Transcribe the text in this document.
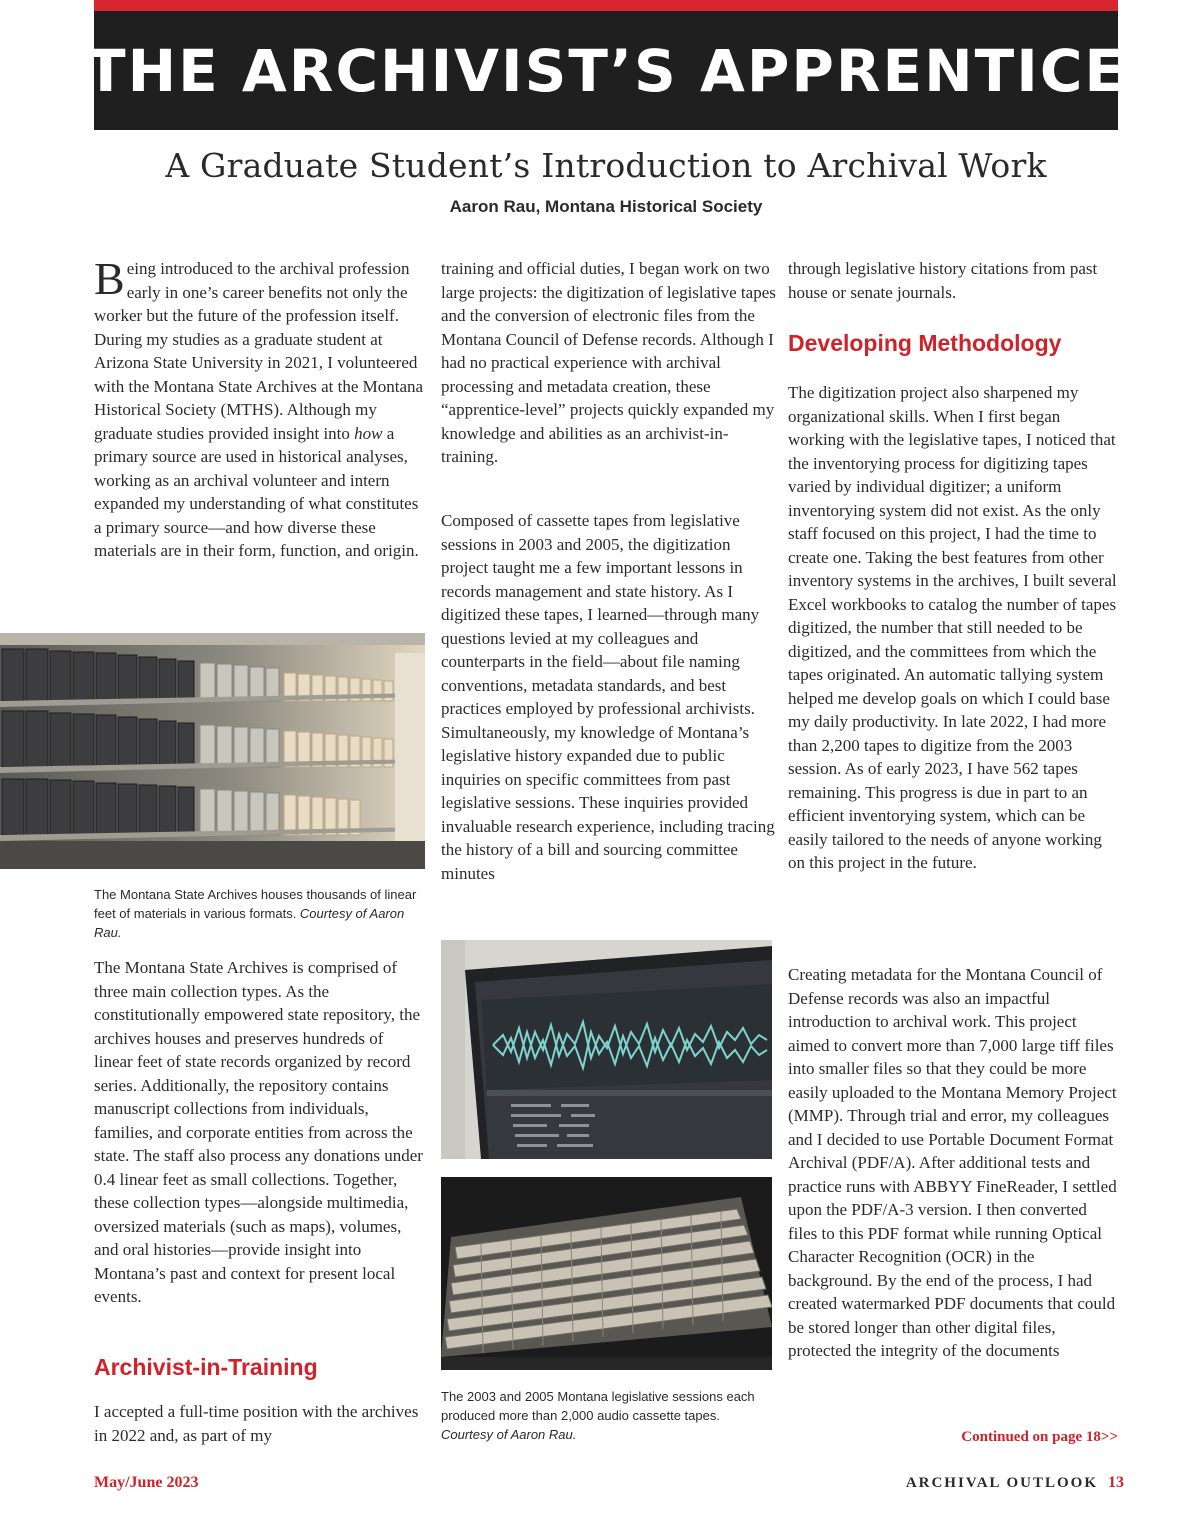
THE ARCHIVIST’S APPRENTICE
A Graduate Student’s Introduction to Archival Work
Aaron Rau, Montana Historical Society

Being introduced to the archival profession early in one’s career benefits not only the worker but the future of the profession itself. During my studies as a graduate student at Arizona State University in 2021, I volunteered with the Montana State Archives at the Montana Historical Society (MTHS). Although my graduate studies provided insight into how a primary source are used in historical analyses, working as an archival volunteer and intern expanded my understanding of what constitutes a primary source—and how diverse these materials are in their form, function, and origin.

The Montana State Archives houses thousands of linear feet of materials in various formats. Courtesy of Aaron Rau.

The Montana State Archives is comprised of three main collection types. As the constitutionally empowered state repository, the archives houses and preserves hundreds of linear feet of state records organized by record series. Additionally, the repository contains manuscript collections from individuals, families, and corporate entities from across the state. The staff also process any donations under 0.4 linear feet as small collections. Together, these collection types—alongside multimedia, oversized materials (such as maps), volumes, and oral histories—provide insight into Montana’s past and context for present local events.

Archivist-in-Training

I accepted a full-time position with the archives in 2022 and, as part of my

training and official duties, I began work on two large projects: the digitization of legislative tapes and the conversion of electronic files from the Montana Council of Defense records. Although I had no practical experience with archival processing and metadata creation, these “apprentice-level” projects quickly expanded my knowledge and abilities as an archivist-in-training.

Composed of cassette tapes from legislative sessions in 2003 and 2005, the digitization project taught me a few important lessons in records management and state history. As I digitized these tapes, I learned—through many questions levied at my colleagues and counterparts in the field—about file naming conventions, metadata standards, and best practices employed by professional archivists. Simultaneously, my knowledge of Montana’s legislative history expanded due to public inquiries on specific committees from past legislative sessions. These inquiries provided invaluable research experience, including tracing the history of a bill and sourcing committee minutes

The 2003 and 2005 Montana legislative sessions each produced more than 2,000 audio cassette tapes. Courtesy of Aaron Rau.

through legislative history citations from past house or senate journals.

Developing Methodology

The digitization project also sharpened my organizational skills. When I first began working with the legislative tapes, I noticed that the inventorying process for digitizing tapes varied by individual digitizer; a uniform inventorying system did not exist. As the only staff focused on this project, I had the time to create one. Taking the best features from other inventory systems in the archives, I built several Excel workbooks to catalog the number of tapes digitized, the number that still needed to be digitized, and the committees from which the tapes originated. An automatic tallying system helped me develop goals on which I could base my daily productivity. In late 2022, I had more than 2,200 tapes to digitize from the 2003 session. As of early 2023, I have 562 tapes remaining. This progress is due in part to an efficient inventorying system, which can be easily tailored to the needs of anyone working on this project in the future.

Creating metadata for the Montana Council of Defense records was also an impactful introduction to archival work. This project aimed to convert more than 7,000 large tiff files into smaller files so that they could be more easily uploaded to the Montana Memory Project (MMP). Through trial and error, my colleagues and I decided to use Portable Document Format Archival (PDF/A). After additional tests and practice runs with ABBYY FineReader, I settled upon the PDF/A-3 version. I then converted files to this PDF format while running Optical Character Recognition (OCR) in the background. By the end of the process, I had created watermarked PDF documents that could be stored longer than other digital files, protected the integrity of the documents

Continued on page 18>>
May/June 2023	ARCHIVAL OUTLOOK 13
